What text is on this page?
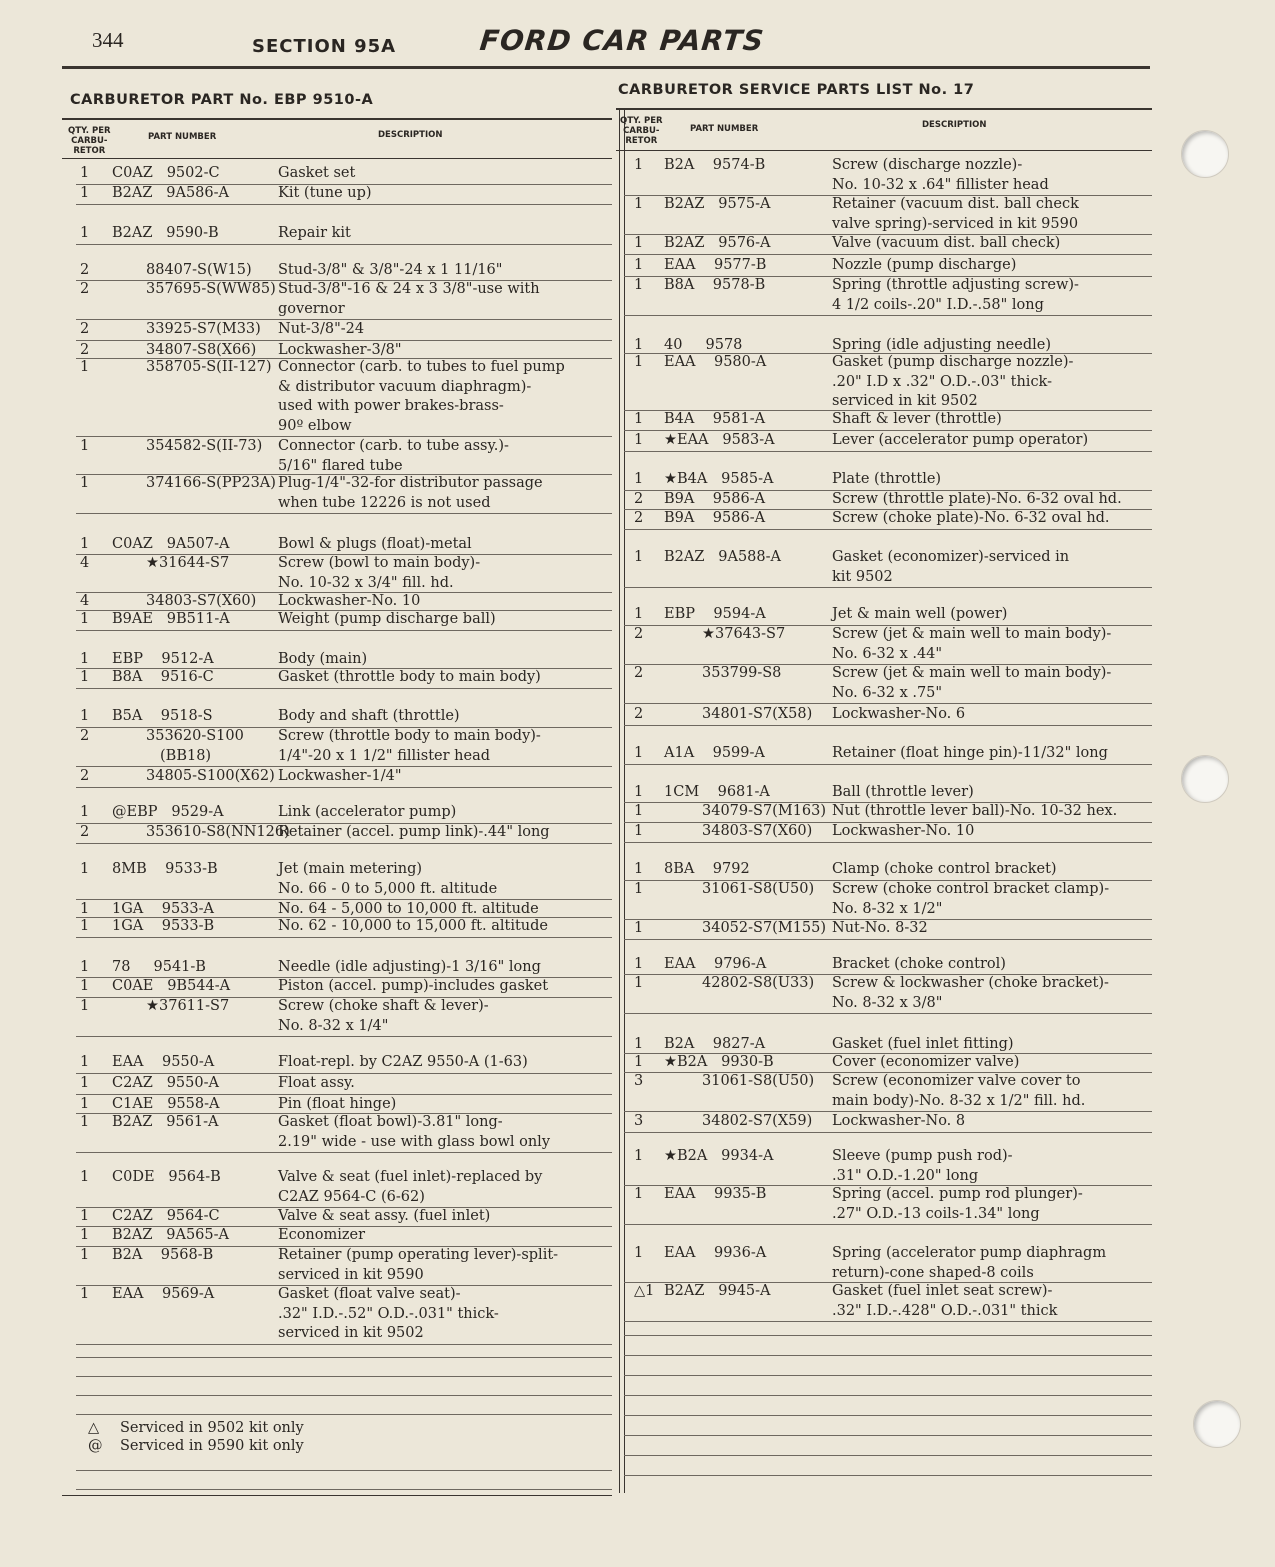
344	SECTION 95A	FORD CAR PARTS
CARBURETOR PART No. EBP 9510-A
QTY. PER
CARBU-
RETOR
PART NUMBER	DESCRIPTION
1 C0AZ   9502-C	Gasket set
1 B2AZ   9A586-A	Kit (tune up)
1 B2AZ   9590-B	Repair kit
2	88407-S(W15) Stud-3/8" & 3/8"-24 x 1 11/16"
2	357695-S(WW85) Stud-3/8"-16 & 24 x 3 3/8"-use with
governor
2	33925-S7(M33) Nut-3/8"-24
2	34807-S8(X66) Lockwasher-3/8"
1	358705-S(II-127) Connector (carb. to tubes to fuel pump
& distributor vacuum diaphragm)-
used with power brakes-brass-
90º elbow
1	354582-S(II-73) Connector (carb. to tube assy.)-
5/16" flared tube
1	374166-S(PP23A) Plug-1/4"-32-for distributor passage
when tube 12226 is not used
1 C0AZ   9A507-A	Bowl & plugs (float)-metal
4	★31644-S7	Screw (bowl to main body)-
No. 10-32 x 3/4" fill. hd.
4	34803-S7(X60) Lockwasher-No. 10
1 B9AE   9B511-A	Weight (pump discharge ball)
1 EBP    9512-A	Body (main)
1 B8A    9516-C	Gasket (throttle body to main body)
1 B5A    9518-S	Body and shaft (throttle)
2	353620-S100
(BB18)
Screw (throttle body to main body)-
1/4"-20 x 1 1/2" fillister head
2	34805-S100(X62) Lockwasher-1/4"
1 @EBP   9529-A	Link (accelerator pump)
2	353610-S8(NN126)
Retainer (accel. pump link)-.44" long
1 8MB    9533-B	Jet (main metering)
No. 66 - 0 to 5,000 ft. altitude
1 1GA    9533-A	No. 64 - 5,000 to 10,000 ft. altitude
1 1GA    9533-B	No. 62 - 10,000 to 15,000 ft. altitude
1 78     9541-B	Needle (idle adjusting)-1 3/16" long
1 C0AE   9B544-A	Piston (accel. pump)-includes gasket
1	★37611-S7	Screw (choke shaft & lever)-
No. 8-32 x 1/4"
1 EAA    9550-A	Float-repl. by C2AZ 9550-A (1-63)
1 C2AZ   9550-A	Float assy.
1 C1AE   9558-A	Pin (float hinge)
1 B2AZ   9561-A	Gasket (float bowl)-3.81" long-
2.19" wide - use with glass bowl only
1 C0DE   9564-B	Valve & seat (fuel inlet)-replaced by
C2AZ 9564-C (6-62)
1 C2AZ   9564-C	Valve & seat assy. (fuel inlet)
1 B2AZ   9A565-A	Economizer
1 B2A    9568-B	Retainer (pump operating lever)-split-
serviced in kit 9590
1 EAA    9569-A	Gasket (float valve seat)-
.32" I.D.-.52" O.D.-.031" thick-
serviced in kit 9502
CARBURETOR SERVICE PARTS LIST No. 17
QTY. PER
CARBU-
RETOR
PART NUMBER	DESCRIPTION
1 B2A    9574-B	Screw (discharge nozzle)-
No. 10-32 x .64" fillister head
1 B2AZ   9575-A	Retainer (vacuum dist. ball check
valve spring)-serviced in kit 9590
1 B2AZ   9576-A	Valve (vacuum dist. ball check)
1 EAA    9577-B	Nozzle (pump discharge)
1 B8A    9578-B	Spring (throttle adjusting screw)-
4 1/2 coils-.20" I.D.-.58" long
1 40     9578	Spring (idle adjusting needle)
1 EAA    9580-A	Gasket (pump discharge nozzle)-
.20" I.D x .32" O.D.-.03" thick-
serviced in kit 9502
1 B4A    9581-A	Shaft & lever (throttle)
1 ★EAA   9583-A	Lever (accelerator pump operator)
1 ★B4A   9585-A	Plate (throttle)
2 B9A    9586-A	Screw (throttle plate)-No. 6-32 oval hd.
2 B9A    9586-A	Screw (choke plate)-No. 6-32 oval hd.
1 B2AZ   9A588-A	Gasket (economizer)-serviced in
kit 9502
1 EBP    9594-A	Jet & main well (power)
2	★37643-S7	Screw (jet & main well to main body)-
No. 6-32 x .44"
2	353799-S8	Screw (jet & main well to main body)-
No. 6-32 x .75"
2	34801-S7(X58) Lockwasher-No. 6
1 A1A    9599-A	Retainer (float hinge pin)-11/32" long
1 1CM    9681-A	Ball (throttle lever)
1	34079-S7(M163) Nut (throttle lever ball)-No. 10-32 hex.
1	34803-S7(X60) Lockwasher-No. 10
1 8BA    9792	Clamp (choke control bracket)
1	31061-S8(U50) Screw (choke control bracket clamp)-
No. 8-32 x 1/2"
1	34052-S7(M155) Nut-No. 8-32
1 EAA    9796-A	Bracket (choke control)
1	42802-S8(U33) Screw & lockwasher (choke bracket)-
No. 8-32 x 3/8"
1 B2A    9827-A	Gasket (fuel inlet fitting)
1 ★B2A   9930-B	Cover (economizer valve)
3	31061-S8(U50) Screw (economizer valve cover to
main body)-No. 8-32 x 1/2" fill. hd.
3	34802-S7(X59) Lockwasher-No. 8
1 ★B2A   9934-A	Sleeve (pump push rod)-
.31" O.D.-1.20" long
1 EAA    9935-B	Spring (accel. pump rod plunger)-
.27" O.D.-13 coils-1.34" long
1 EAA    9936-A	Spring (accelerator pump diaphragm
return)-cone shaped-8 coils
△1 B2AZ   9945-A	Gasket (fuel inlet seat screw)-
.32" I.D.-.428" O.D.-.031" thick
△ Serviced in 9502 kit only
@ Serviced in 9590 kit only
